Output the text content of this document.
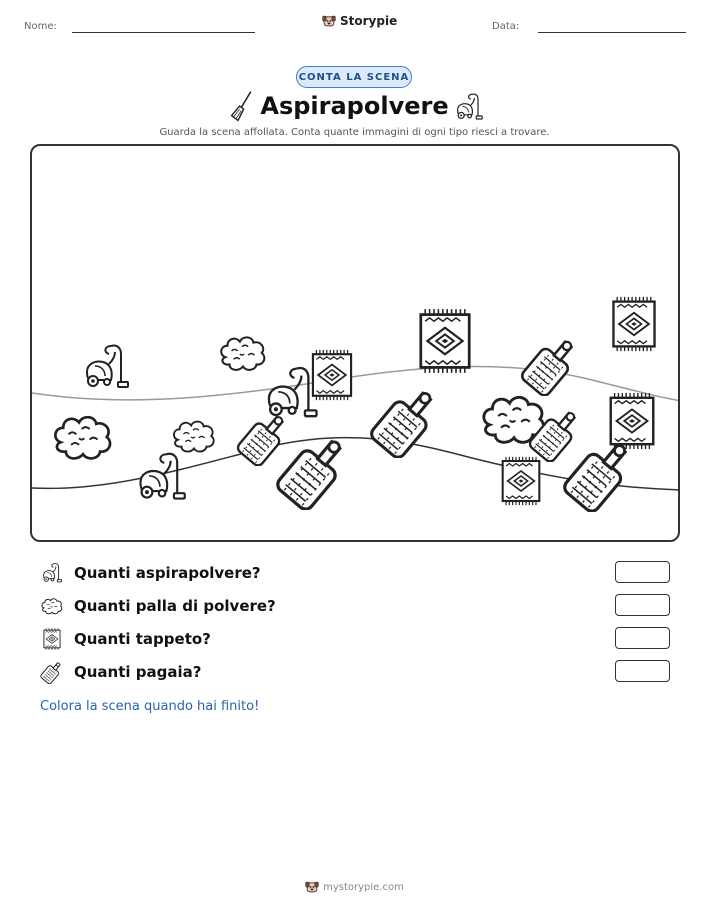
Nome:	Storypie	Data:
CONTA LA SCENA
Aspirapolvere
Guarda la scena affollata. Conta quante immagini di ogni tipo riesci a trovare.
Quanti aspirapolvere?
Quanti palla di polvere?
Quanti tappeto?
Quanti pagaia?
Colora la scena quando hai finito!
mystorypie.com
